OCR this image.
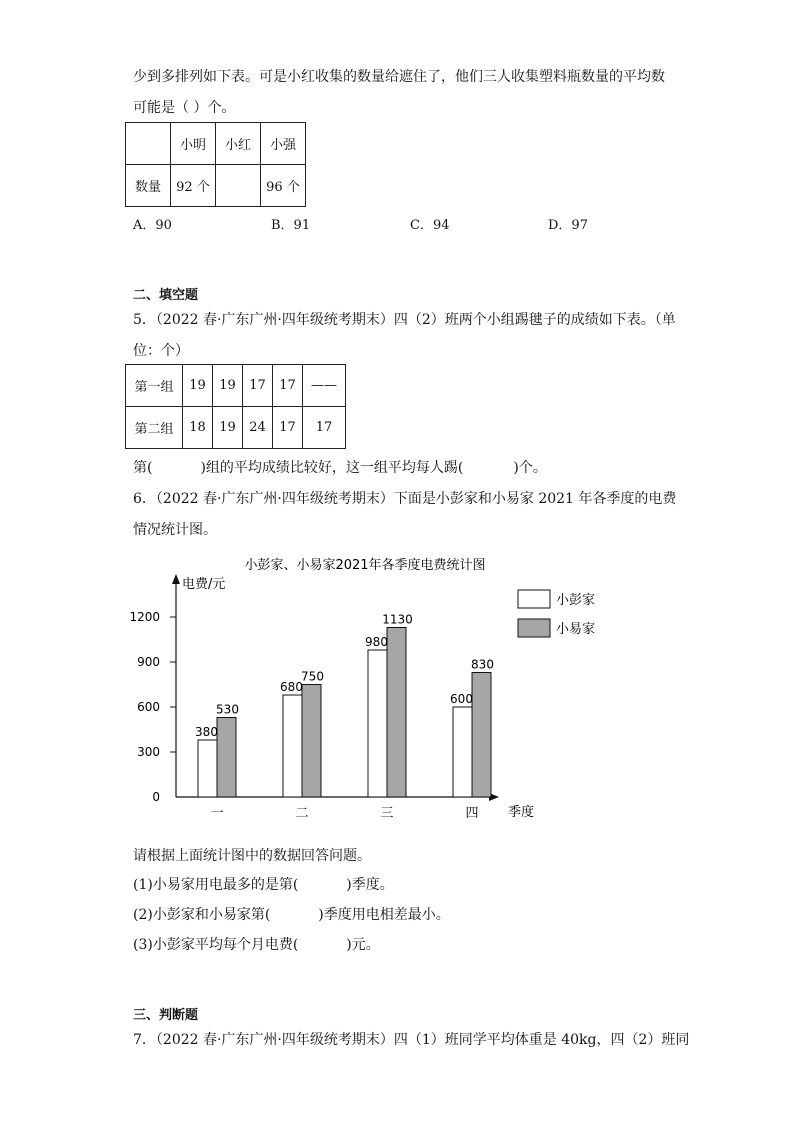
少到多排列如下表。可是小红收集的数量给遮住了，他们三人收集塑料瓶数量的平均数
可能是（ ）个。
	小明	小红	小强
数量	92 个		96 个
A．90	B．91	C．94	D．97
二、填空题
5．（2022 春·广东广州·四年级统考期末）四（2）班两个小组踢毽子的成绩如下表。（单
位：个）
第一组	19	19	17	17	——
第二组	18	19	24	17	17
第(	)组的平均成绩比较好，这一组平均每人踢(	)个。
6．（2022 春·广东广州·四年级统考期末）下面是小彭家和小易家 2021 年各季度的电费
情况统计图。
小彭家、小易家2021年各季度电费统计图
电费/元
季度
0
300
600
900
1200
一	二	三	四
380
530
680
750
980
1130
600
830
小彭家
小易家
请根据上面统计图中的数据回答问题。
(1)小易家用电最多的是第(	)季度。
(2)小彭家和小易家第(	)季度用电相差最小。
(3)小彭家平均每个月电费(	)元。
三、判断题
7．（2022 春·广东广州·四年级统考期末）四（1）班同学平均体重是 40kg，四（2）班同
